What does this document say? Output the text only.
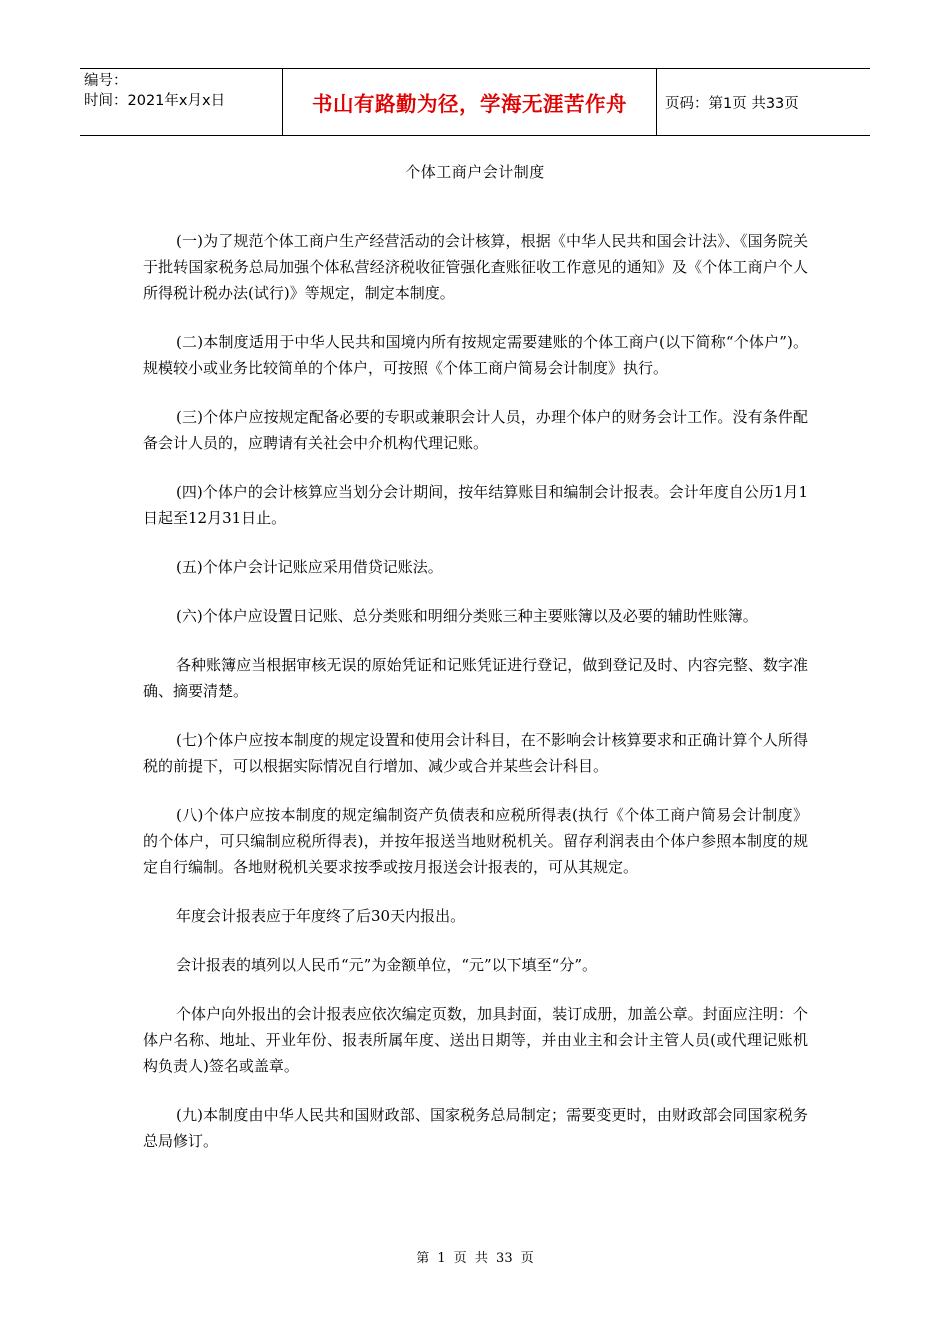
编号：
时间：2021年x月x日	书山有路勤为径，学海无涯苦作舟	页码：第1页 共33页
个体工商户会计制度

(一)为了规范个体工商户生产经营活动的会计核算，根据《中华人民共和国会计法》、《国务院关于批转国家税务总局加强个体私营经济税收征管强化查账征收工作意见的通知》及《个体工商户个人所得税计税办法(试行)》等规定，制定本制度。

(二)本制度适用于中华人民共和国境内所有按规定需要建账的个体工商户(以下简称“个体户”)。规模较小或业务比较简单的个体户，可按照《个体工商户简易会计制度》执行。

(三)个体户应按规定配备必要的专职或兼职会计人员，办理个体户的财务会计工作。没有条件配备会计人员的，应聘请有关社会中介机构代理记账。

(四)个体户的会计核算应当划分会计期间，按年结算账目和编制会计报表。会计年度自公历1月1日起至12月31日止。

(五)个体户会计记账应采用借贷记账法。

(六)个体户应设置日记账、总分类账和明细分类账三种主要账簿以及必要的辅助性账簿。

各种账簿应当根据审核无误的原始凭证和记账凭证进行登记，做到登记及时、内容完整、数字准确、摘要清楚。

(七)个体户应按本制度的规定设置和使用会计科目，在不影响会计核算要求和正确计算个人所得税的前提下，可以根据实际情况自行增加、减少或合并某些会计科目。

(八)个体户应按本制度的规定编制资产负债表和应税所得表(执行《个体工商户简易会计制度》的个体户，可只编制应税所得表)，并按年报送当地财税机关。留存利润表由个体户参照本制度的规定自行编制。各地财税机关要求按季或按月报送会计报表的，可从其规定。

年度会计报表应于年度终了后30天内报出。

会计报表的填列以人民币“元”为金额单位，“元”以下填至“分”。

个体户向外报出的会计报表应依次编定页数，加具封面，装订成册，加盖公章。封面应注明：个体户名称、地址、开业年份、报表所属年度、送出日期等，并由业主和会计主管人员(或代理记账机构负责人)签名或盖章。

(九)本制度由中华人民共和国财政部、国家税务总局制定；需要变更时，由财政部会同国家税务总局修订。

第 1 页 共 33 页
